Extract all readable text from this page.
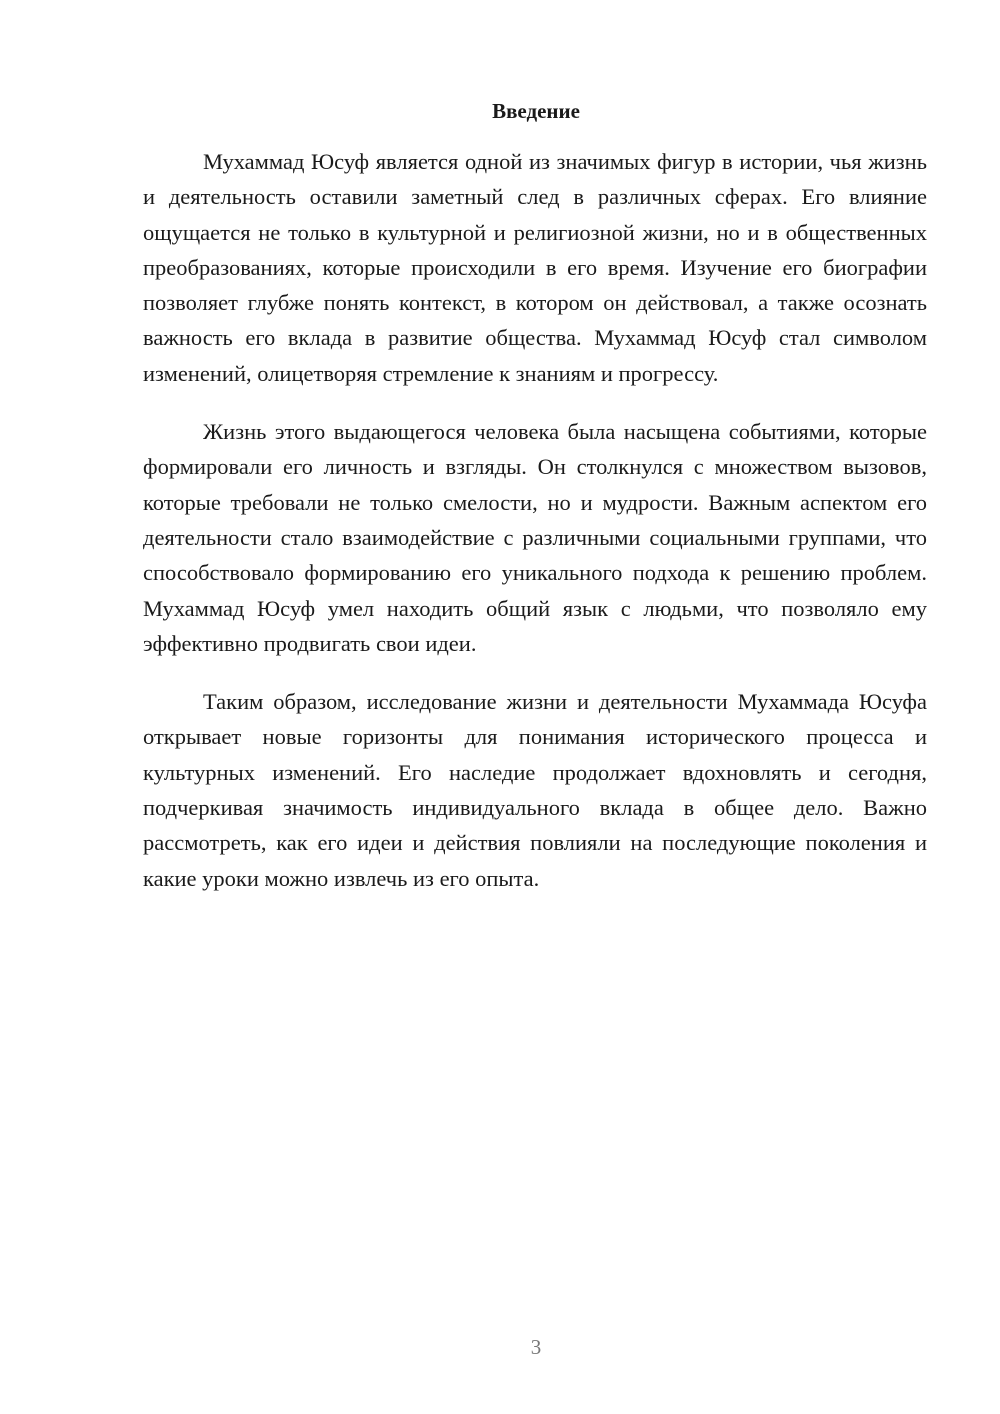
Введение

Мухаммад Юсуф является одной из значимых фигур в истории, чья жизнь и деятельность оставили заметный след в различных сферах. Его влияние ощущается не только в культурной и религиозной жизни, но и в общественных преобразованиях, которые происходили в его время. Изучение его биографии позволяет глубже понять контекст, в котором он действовал, а также осознать важность его вклада в развитие общества. Мухаммад Юсуф стал символом изменений, олицетворяя стремление к знаниям и прогрессу.

Жизнь этого выдающегося человека была насыщена событиями, которые формировали его личность и взгляды. Он столкнулся с множеством вызовов, которые требовали не только смелости, но и мудрости. Важным аспектом его деятельности стало взаимодействие с различными социальными группами, что способствовало формированию его уникального подхода к решению проблем. Мухаммад Юсуф умел находить общий язык с людьми, что позволяло ему эффективно продвигать свои идеи.

Таким образом, исследование жизни и деятельности Мухаммада Юсуфа открывает новые горизонты для понимания исторического процесса и культурных изменений. Его наследие продолжает вдохновлять и сегодня, подчеркивая значимость индивидуального вклада в общее дело. Важно рассмотреть, как его идеи и действия повлияли на последующие поколения и какие уроки можно извлечь из его опыта.

3
